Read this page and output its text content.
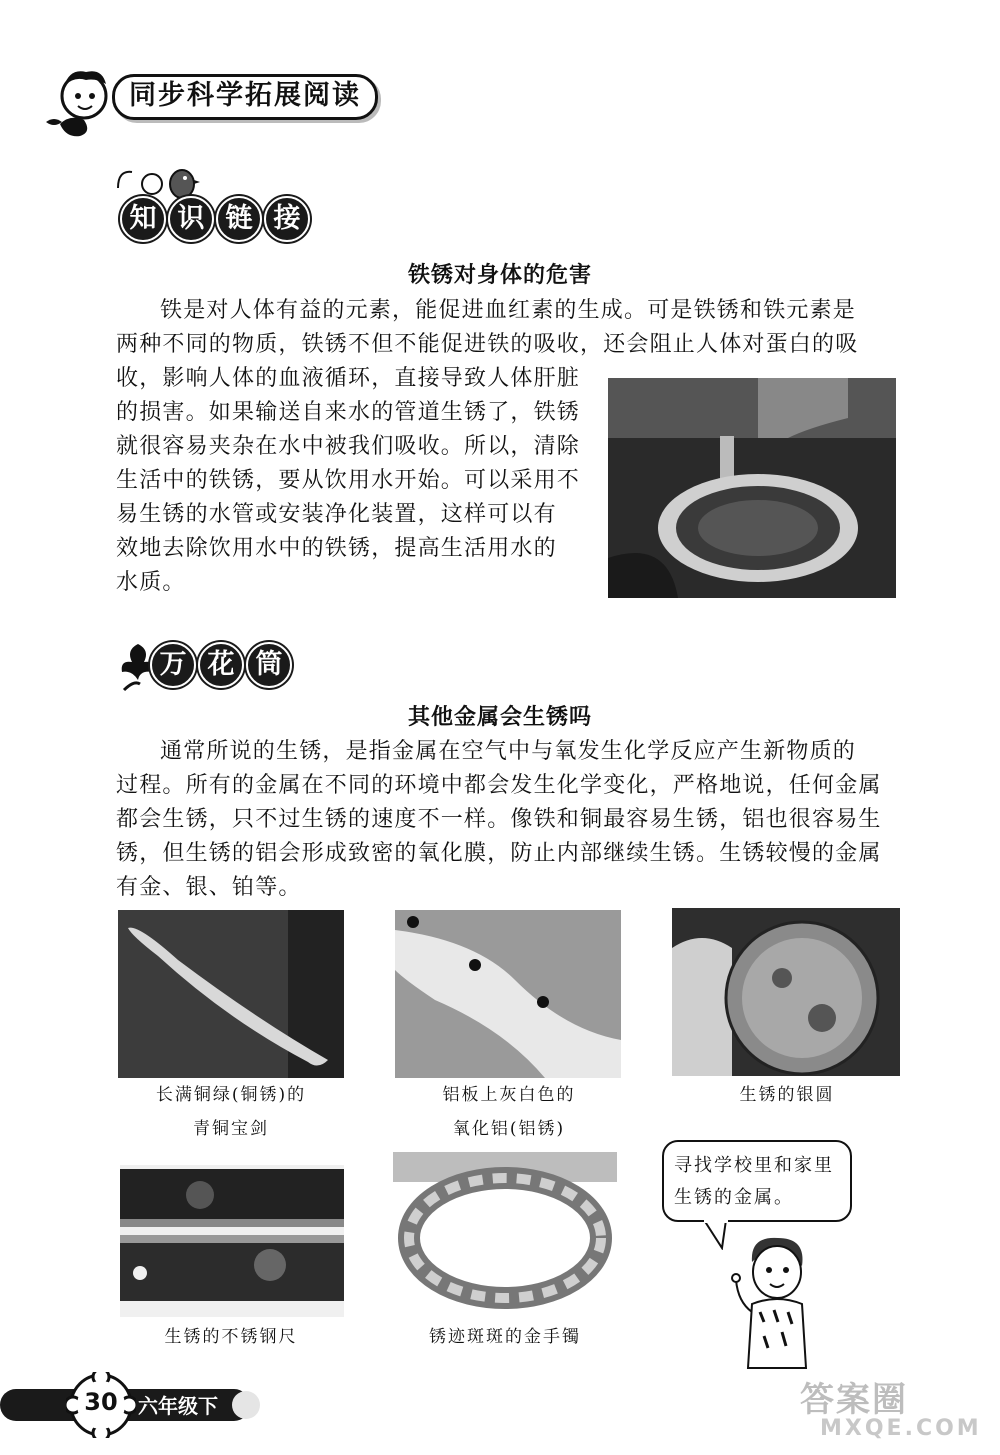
同步科学拓展阅读
知 识 链 接
铁锈对身体的危害

铁是对人体有益的元素，能促进血红素的生成。可是铁锈和铁元素是

两种不同的物质，铁锈不但不能促进铁的吸收，还会阻止人体对蛋白的吸

收，影响人体的血液循环，直接导致人体肝脏

的损害。如果输送自来水的管道生锈了，铁锈

就很容易夹杂在水中被我们吸收。所以，清除

生活中的铁锈，要从饮用水开始。可以采用不

易生锈的水管或安装净化装置，这样可以有

效地去除饮用水中的铁锈，提高生活用水的

水质。

万 花 筒
其他金属会生锈吗

通常所说的生锈，是指金属在空气中与氧发生化学反应产生新物质的

过程。所有的金属在不同的环境中都会发生化学变化，严格地说，任何金属

都会生锈，只不过生锈的速度不一样。像铁和铜最容易生锈，铝也很容易生

锈，但生锈的铝会形成致密的氧化膜，防止内部继续生锈。生锈较慢的金属

有金、银、铂等。

长满铜绿(铜锈)的
青铜宝剑
铝板上灰白色的
氧化铝(铝锈)
生锈的银圆
生锈的不锈钢尺	锈迹斑斑的金手镯
寻找学校里和家里
生锈的金属。
30	六年级下	答案圈
MXQE.COM
